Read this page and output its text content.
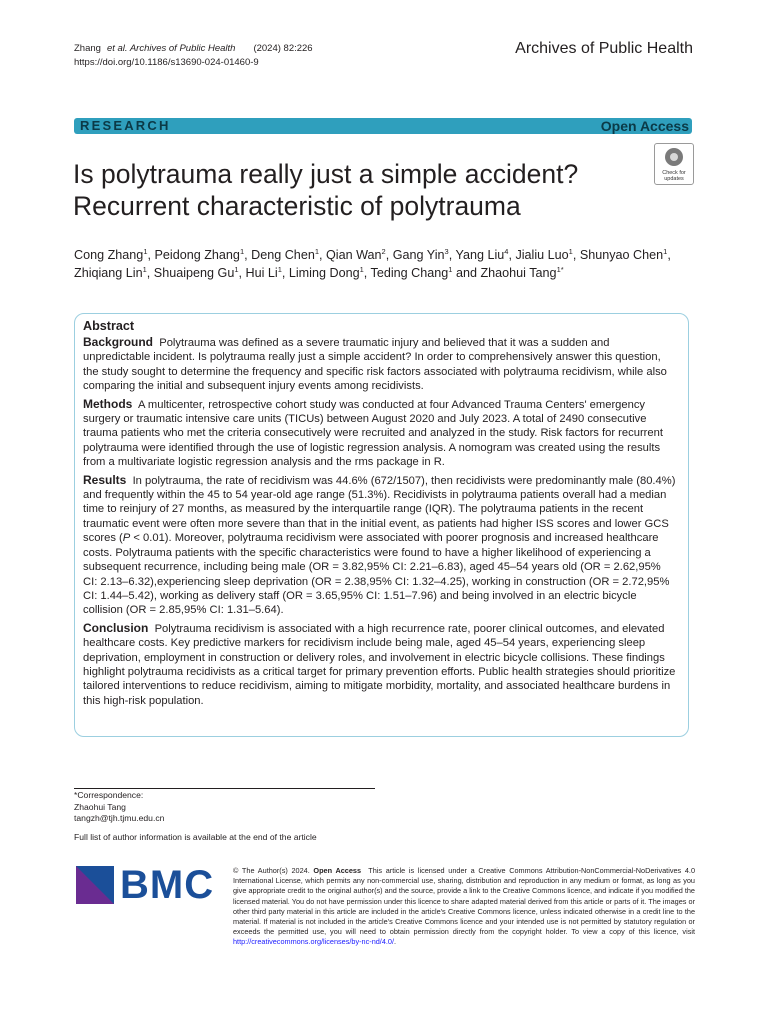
Zhang et al. Archives of Public Health (2024) 82:226
https://doi.org/10.1186/s13690-024-01460-9
Archives of Public Health
RESEARCH	Open Access
Is polytrauma really just a simple accident?
Recurrent characteristic of polytrauma
Check for
updates

Cong Zhang$^1$, Peidong Zhang$^1$, Deng Chen$^1$, Qian Wan$^2$, Gang Yin$^3$, Yang Liu$^4$, Jialiu Luo$^1$, Shunyao Chen$^1$,

Zhiqiang Lin$^1$, Shuaipeng Gu$^1$, Hui Li$^1$, Liming Dong$^1$, Teding Chang$^1$ and Zhaohui Tang$^{1*}$

Abstract

Background Polytrauma was defined as a severe traumatic injury and believed that it was a sudden and unpredictable incident. Is polytrauma really just a simple accident? In order to comprehensively answer this question, the study sought to determine the frequency and specific risk factors associated with polytrauma recidivism, while also comparing the initial and subsequent injury events among recidivists.

Methods A multicenter, retrospective cohort study was conducted at four Advanced Trauma Centers' emergency surgery or traumatic intensive care units (TICUs) between August 2020 and July 2023. A total of 2490 consecutive trauma patients who met the criteria consecutively were recruited and analyzed in the study. Risk factors for recurrent polytrauma were identified through the use of logistic regression analysis. A nomogram was created using the results from a multivariate logistic regression analysis and the rms package in R.

Results In polytrauma, the rate of recidivism was 44.6% (672/1507), then recidivists were predominantly male (80.4%) and frequently within the 45 to 54 year-old age range (51.3%). Recidivists in polytrauma patients overall had a median time to reinjury of 27 months, as measured by the interquartile range (IQR). The polytrauma patients in the recent traumatic event were often more severe than that in the initial event, as patients had higher ISS scores and lower GCS scores (P < 0.01). Moreover, polytrauma recidivism were associated with poorer prognosis and increased healthcare costs. Polytrauma patients with the specific characteristics were found to have a higher likelihood of experiencing a subsequent recurrence, including being male (OR = 3.82,95% CI: 2.21–6.83), aged 45–54 years old (OR = 2.62,95% CI: 2.13–6.32),experiencing sleep deprivation (OR = 2.38,95% CI: 1.32–4.25), working in construction (OR = 2.72,95% CI: 1.44–5.42), working as delivery staff (OR = 3.65,95% CI: 1.51–7.96) and being involved in an electric bicycle collision (OR = 2.85,95% CI: 1.31–5.64).

Conclusion Polytrauma recidivism is associated with a high recurrence rate, poorer clinical outcomes, and elevated healthcare costs. Key predictive markers for recidivism include being male, aged 45–54 years, experiencing sleep deprivation, employment in construction or delivery roles, and involvement in electric bicycle collisions. These findings highlight polytrauma recidivists as a critical target for primary prevention efforts. Public health strategies should prioritize tailored interventions to reduce recidivism, aiming to mitigate morbidity, mortality, and associated healthcare burdens in this high-risk population.

*Correspondence:

Zhaohui Tang

tangzh@tjh.tjmu.edu.cn

Full list of author information is available at the end of the article

BMC	© The Author(s) 2024. Open Access This article is licensed under a Creative Commons Attribution-NonCommercial-NoDerivatives 4.0 International License, which permits any non-commercial use, sharing, distribution and reproduction in any medium or format, as long as you give appropriate credit to the original author(s) and the source, provide a link to the Creative Commons licence, and indicate if you modified the licensed material. You do not have permission under this licence to share adapted material derived from this article or parts of it. The images or other third party material in this article are included in the article's Creative Commons licence, unless indicated otherwise in a credit line to the material. If material is not included in the article's Creative Commons licence and your intended use is not permitted by statutory regulation or exceeds the permitted use, you will need to obtain permission directly from the copyright holder. To view a copy of this licence, visit http://creativecommons.org/licenses/by-nc-nd/4.0/.
